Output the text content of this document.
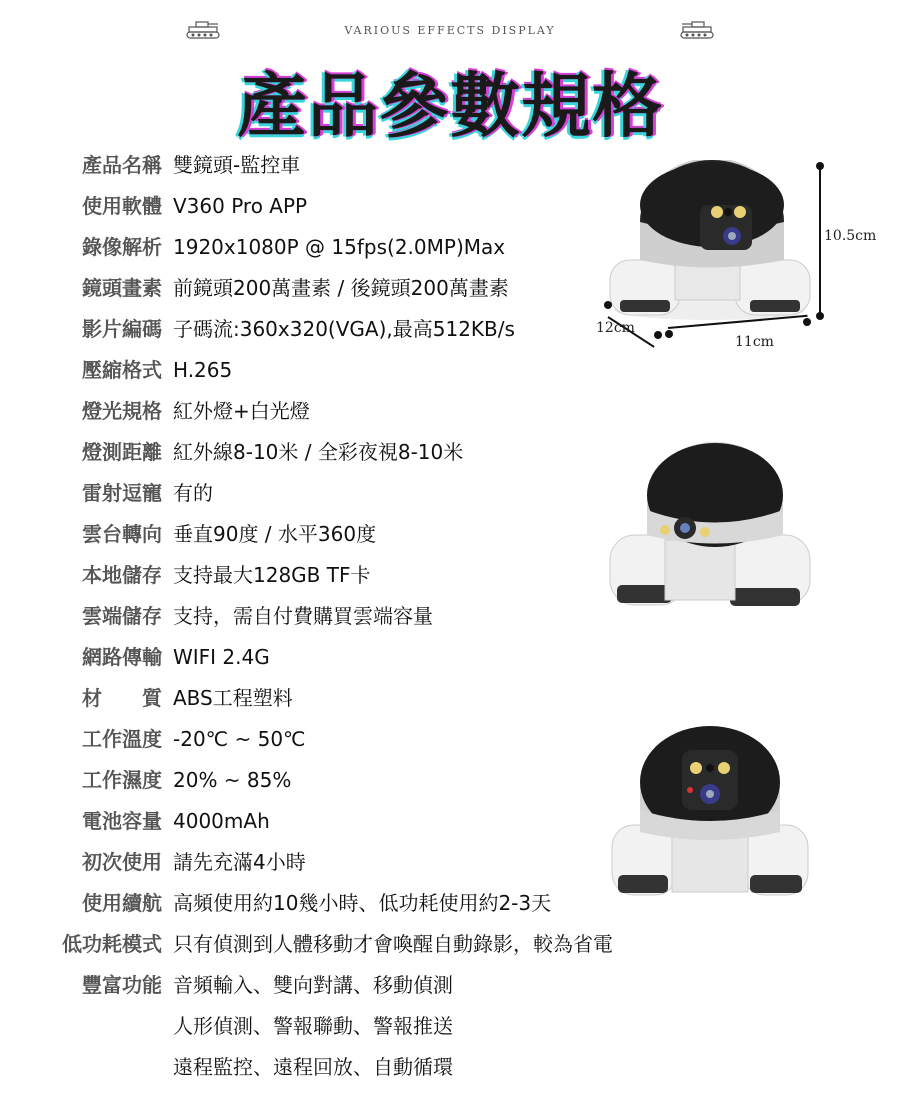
VARIOUS EFFECTS DISPLAY
產品參數規格
產品名稱 雙鏡頭-監控車
使用軟體 V360 Pro APP
錄像解析 1920x1080P @ 15fps(2.0MP)Max
鏡頭畫素 前鏡頭200萬畫素 / 後鏡頭200萬畫素
影片編碼 子碼流:360x320(VGA),最高512KB/s
壓縮格式 H.265
燈光規格 紅外燈+白光燈
燈測距離 紅外線8-10米 / 全彩夜視8-10米
雷射逗寵 有的
雲台轉向 垂直90度 / 水平360度
本地儲存 支持最大128GB TF卡
雲端儲存 支持，需自付費購買雲端容量
網路傳輸 WIFI 2.4G
材　　質 ABS工程塑料
工作溫度 -20℃ ~ 50℃
工作濕度 20% ~ 85%
電池容量 4000mAh
初次使用 請先充滿4小時
使用續航 高頻使用約10幾小時、低功耗使用約2-3天
低功耗模式 只有偵測到人體移動才會喚醒自動錄影，較為省電
豐富功能 音頻輸入、雙向對講、移動偵測
人形偵測、警報聯動、警報推送
遠程監控、遠程回放、自動循環
10.5cm
12cm
11cm
